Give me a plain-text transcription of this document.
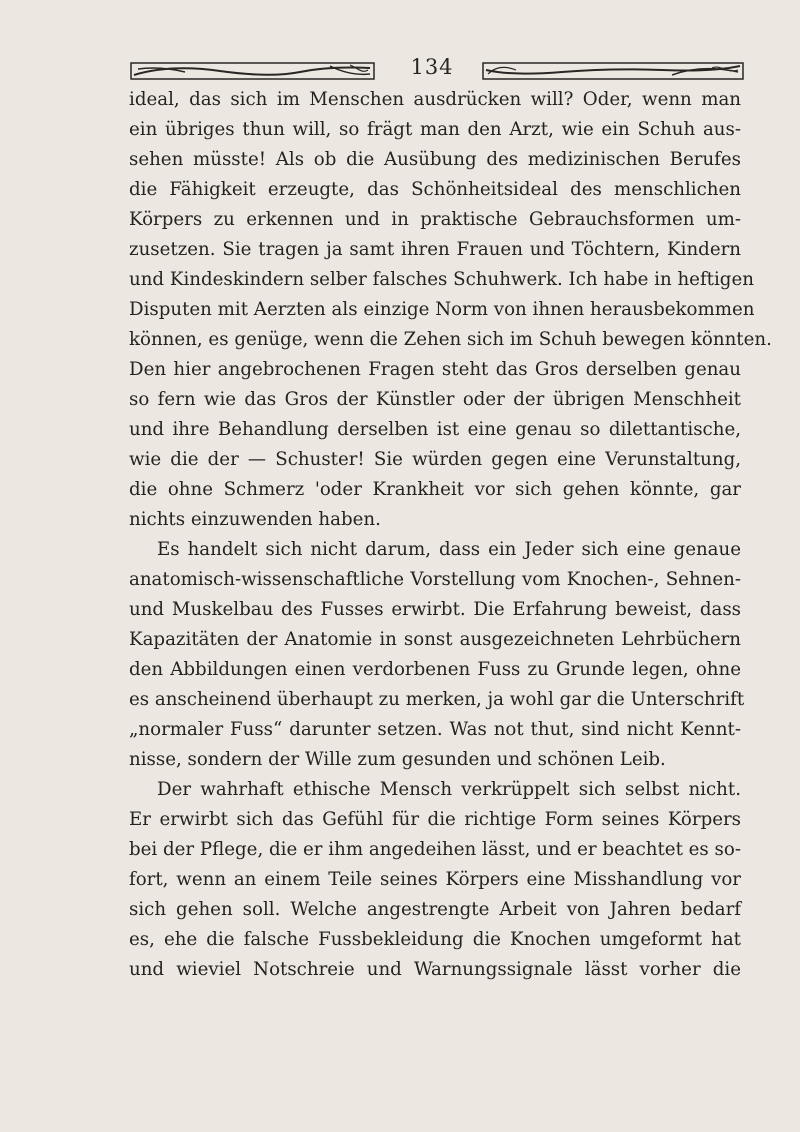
134
ideal, das sich im Menschen ausdrücken will? Oder, wenn man
ein übriges thun will, so frägt man den Arzt, wie ein Schuh aus-
sehen müsste! Als ob die Ausübung des medizinischen Berufes
die Fähigkeit erzeugte, das Schönheitsideal des menschlichen
Körpers zu erkennen und in praktische Gebrauchsformen um-
zusetzen. Sie tragen ja samt ihren Frauen und Töchtern, Kindern
und Kindeskindern selber falsches Schuhwerk. Ich habe in heftigen
Disputen mit Aerzten als einzige Norm von ihnen herausbekommen
können, es genüge, wenn die Zehen sich im Schuh bewegen könnten.
Den hier angebrochenen Fragen steht das Gros derselben genau
so fern wie das Gros der Künstler oder der übrigen Menschheit
und ihre Behandlung derselben ist eine genau so dilettantische,
wie die der — Schuster! Sie würden gegen eine Verunstaltung,
die ohne Schmerz 'oder Krankheit vor sich gehen könnte, gar
nichts einzuwenden haben.
Es handelt sich nicht darum, dass ein Jeder sich eine genaue
anatomisch-wissenschaftliche Vorstellung vom Knochen-, Sehnen-
und Muskelbau des Fusses erwirbt. Die Erfahrung beweist, dass
Kapazitäten der Anatomie in sonst ausgezeichneten Lehrbüchern
den Abbildungen einen verdorbenen Fuss zu Grunde legen, ohne
es anscheinend überhaupt zu merken, ja wohl gar die Unterschrift
„normaler Fuss“ darunter setzen. Was not thut, sind nicht Kennt-
nisse, sondern der Wille zum gesunden und schönen Leib.
Der wahrhaft ethische Mensch verkrüppelt sich selbst nicht.
Er erwirbt sich das Gefühl für die richtige Form seines Körpers
bei der Pflege, die er ihm angedeihen lässt, und er beachtet es so-
fort, wenn an einem Teile seines Körpers eine Misshandlung vor
sich gehen soll. Welche angestrengte Arbeit von Jahren bedarf
es, ehe die falsche Fussbekleidung die Knochen umgeformt hat
und wieviel Notschreie und Warnungssignale lässt vorher die
